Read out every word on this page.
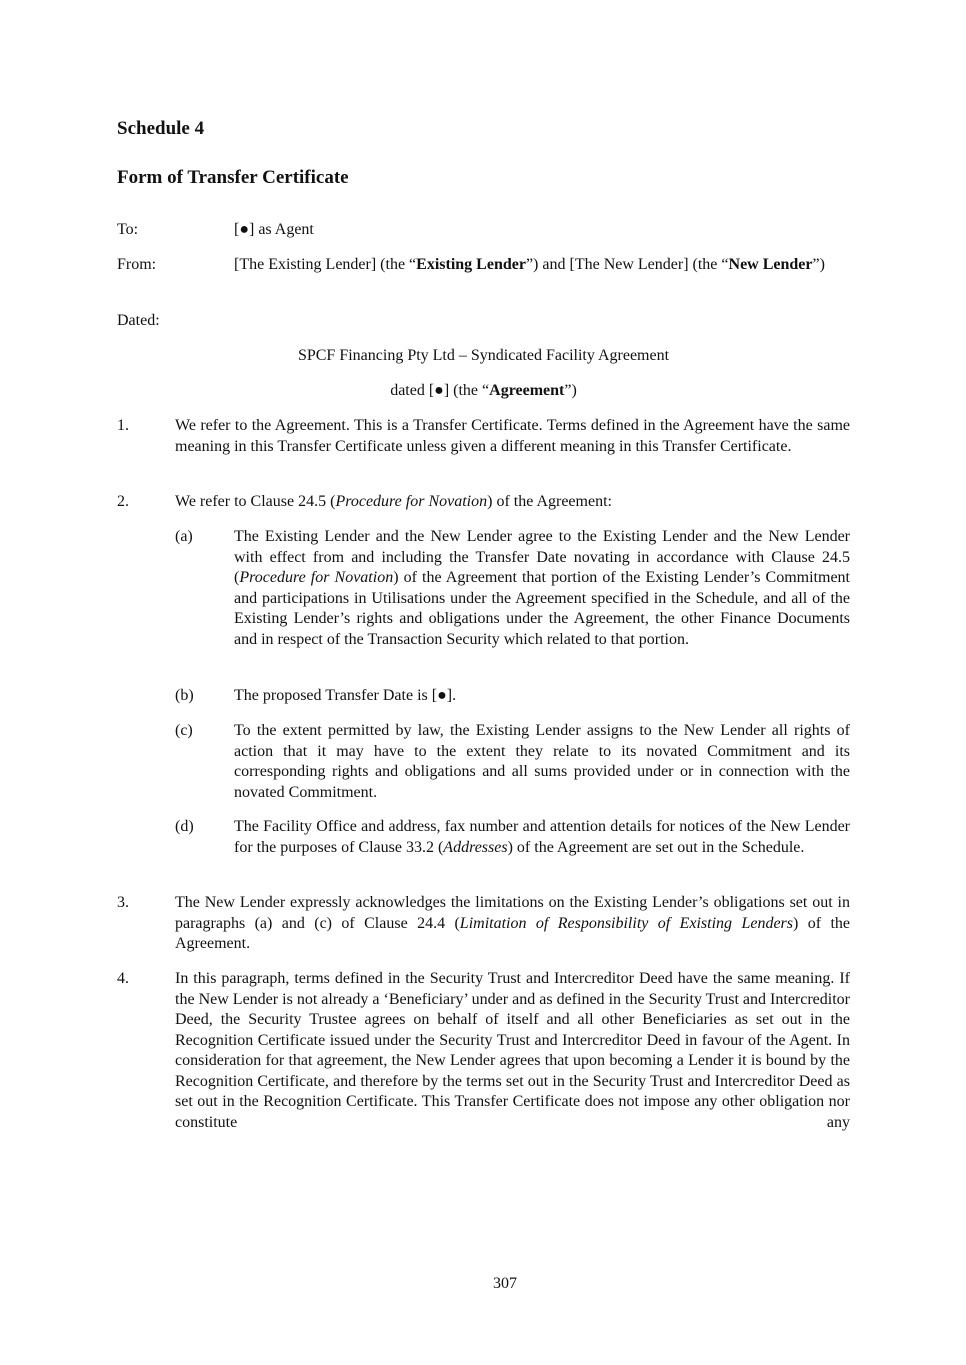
Schedule 4
Form of Transfer Certificate
To:	[●] as Agent
From:	[The Existing Lender] (the “Existing Lender”) and [The New Lender] (the “New Lender”)
Dated:
SPCF Financing Pty Ltd – Syndicated Facility Agreement
dated [●] (the “Agreement”)
1.	We refer to the Agreement. This is a Transfer Certificate. Terms defined in the Agreement have the same meaning in this Transfer Certificate unless given a different meaning in this Transfer Certificate.
2.	We refer to Clause 24.5 (Procedure for Novation) of the Agreement:
(a)	The Existing Lender and the New Lender agree to the Existing Lender and the New Lender with effect from and including the Transfer Date novating in accordance with Clause 24.5 (Procedure for Novation) of the Agreement that portion of the Existing Lender’s Commitment and participations in Utilisations under the Agreement specified in the Schedule, and all of the Existing Lender’s rights and obligations under the Agreement, the other Finance Documents and in respect of the Transaction Security which related to that portion.
(b)	The proposed Transfer Date is [●].
(c)	To the extent permitted by law, the Existing Lender assigns to the New Lender all rights of action that it may have to the extent they relate to its novated Commitment and its corresponding rights and obligations and all sums provided under or in connection with the novated Commitment.
(d)	The Facility Office and address, fax number and attention details for notices of the New Lender for the purposes of Clause 33.2 (Addresses) of the Agreement are set out in the Schedule.
3.	The New Lender expressly acknowledges the limitations on the Existing Lender’s obligations set out in paragraphs (a) and (c) of Clause 24.4 (Limitation of Responsibility of Existing Lenders) of the Agreement.
4.	In this paragraph, terms defined in the Security Trust and Intercreditor Deed have the same meaning. If the New Lender is not already a ‘Beneficiary’ under and as defined in the Security Trust and Intercreditor Deed, the Security Trustee agrees on behalf of itself and all other Beneficiaries as set out in the Recognition Certificate issued under the Security Trust and Intercreditor Deed in favour of the Agent. In consideration for that agreement, the New Lender agrees that upon becoming a Lender it is bound by the Recognition Certificate, and therefore by the terms set out in the Security Trust and Intercreditor Deed as set out in the Recognition Certificate. This Transfer Certificate does not impose any other obligation nor constitute any
307
